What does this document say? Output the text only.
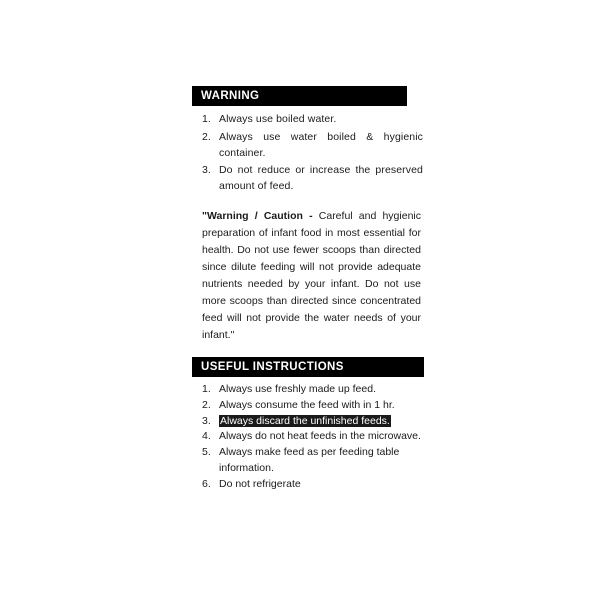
WARNING
1. Always use boiled water.
2. Always use water boiled & hygienic container.
3. Do not reduce or increase the preserved amount of feed.

"Warning / Caution - Careful and hygienic preparation of infant food in most essential for health. Do not use fewer scoops than directed since dilute feeding will not provide adequate nutrients needed by your infant. Do not use more scoops than directed since concentrated feed will not provide the water needs of your infant."

USEFUL INSTRUCTIONS
1. Always use freshly made up feed.
2. Always consume the feed with in 1 hr.
3. Always discard the unfinished feeds.
4. Always do not heat feeds in the microwave.
5. Always make feed as per feeding table information.
6. Do not refrigerate
